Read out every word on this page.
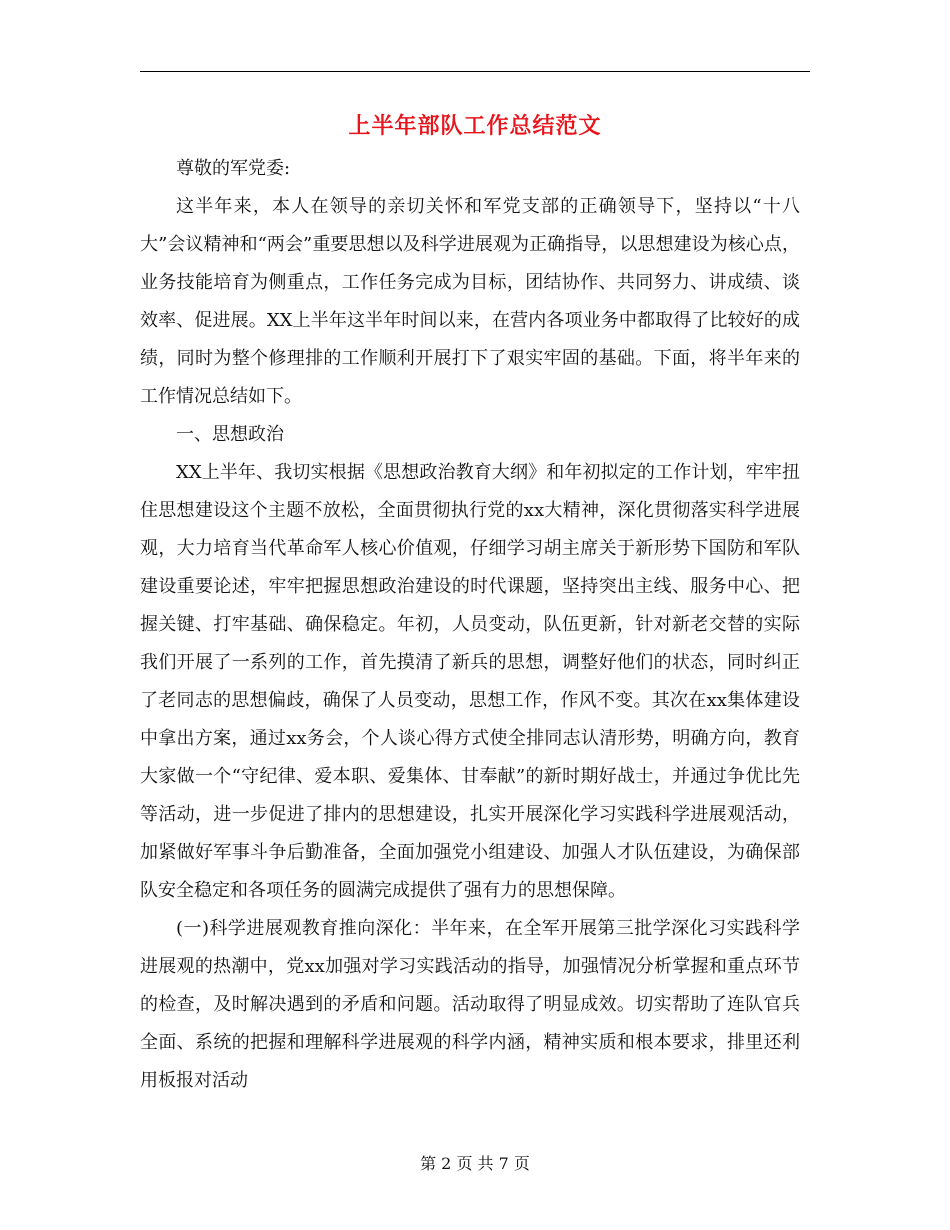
上半年部队工作总结范文

尊敬的军党委:

这半年来，本人在领导的亲切关怀和军党支部的正确领导下，坚持以“十八大”会议精神和“两会”重要思想以及科学进展观为正确指导，以思想建设为核心点，业务技能培育为侧重点，工作任务完成为目标，团结协作、共同努力、讲成绩、谈效率、促进展。XX上半年这半年时间以来，在营内各项业务中都取得了比较好的成绩，同时为整个修理排的工作顺利开展打下了艰实牢固的基础。下面，将半年来的工作情况总结如下。

一、思想政治

XX上半年、我切实根据《思想政治教育大纲》和年初拟定的工作计划，牢牢扭住思想建设这个主题不放松，全面贯彻执行党的xx大精神，深化贯彻落实科学进展观，大力培育当代革命军人核心价值观，仔细学习胡主席关于新形势下国防和军队建设重要论述，牢牢把握思想政治建设的时代课题，坚持突出主线、服务中心、把握关键、打牢基础、确保稳定。年初，人员变动，队伍更新，针对新老交替的实际我们开展了一系列的工作，首先摸清了新兵的思想，调整好他们的状态，同时纠正了老同志的思想偏歧，确保了人员变动，思想工作，作风不变。其次在xx集体建设中拿出方案，通过xx务会，个人谈心得方式使全排同志认清形势，明确方向，教育大家做一个“守纪律、爱本职、爱集体、甘奉献”的新时期好战士，并通过争优比先等活动，进一步促进了排内的思想建设，扎实开展深化学习实践科学进展观活动，加紧做好军事斗争后勤准备，全面加强党小组建设、加强人才队伍建设，为确保部队安全稳定和各项任务的圆满完成提供了强有力的思想保障。

(一)科学进展观教育推向深化：半年来，在全军开展第三批学深化习实践科学进展观的热潮中，党xx加强对学习实践活动的指导，加强情况分析掌握和重点环节的检查，及时解决遇到的矛盾和问题。活动取得了明显成效。切实帮助了连队官兵全面、系统的把握和理解科学进展观的科学内涵，精神实质和根本要求，排里还利用板报对活动

第 2 页 共 7 页
